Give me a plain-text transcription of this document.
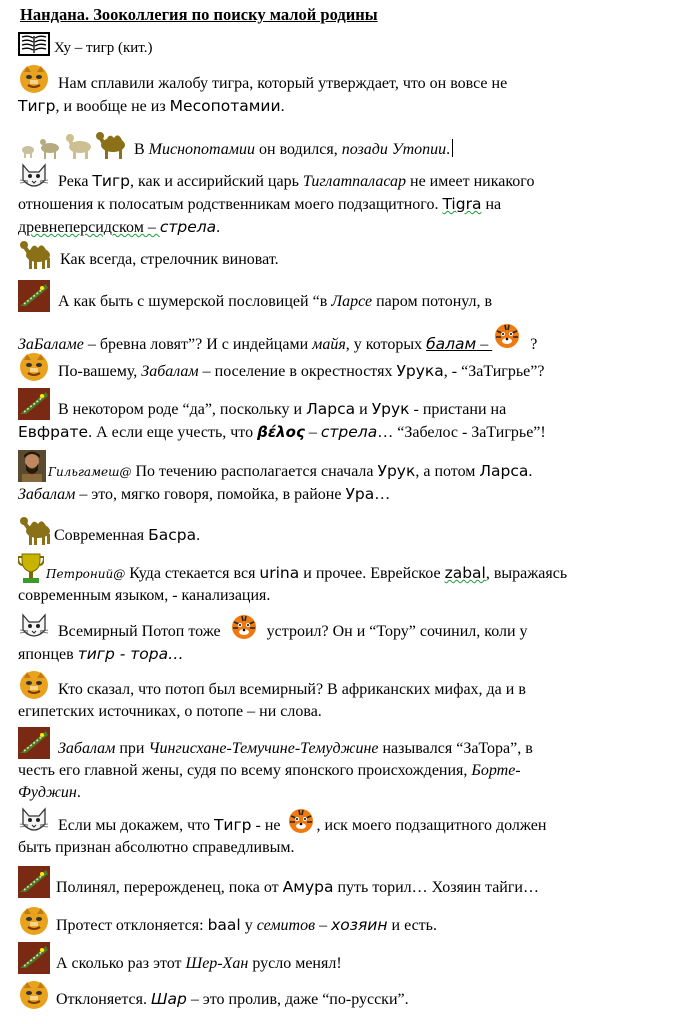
Нандана. Зооколлегия по поиску малой родины

Ху – тигр (кит.)

Нам сплавили жалобу тигра, который утверждает, что он вовсе не

Тигр, и вообще не из Месопотамии.

В Миснопотамии он водился, позади Утопии.

Река Тигр, как и ассирийский царь Тиглатпаласар не имеет никакого

отношения к полосатым родственникам моего подзащитного. Tigra на

древнеперсидском – стрела.

Как всегда, стрелочник виноват.

А как быть с шумерской пословицей “в Ларсе паром потонул, в

ЗаБаламе – бревна ловят”? И с индейцами майя, у которых балам –
?

По-вашему, Забалам – поселение в окрестностях Урука, - “ЗаТигрье”?

В некотором роде “да”, поскольку и Ларса и Урук - пристани на

Евфрате. А если еще учесть, что βέλος – стрела… “Забелос - ЗаТигрье”!

Гильгамеш@ По течению располагается сначала Урук, а потом Ларса.

Забалам – это, мягко говоря, помойка, в районе Ура…

Современная Басра.

Петроний@ Куда стекается вся urina и прочее. Еврейское zabal, выражаясь

современным языком, - канализация.

Всемирный Потоп тоже
устроил? Он и “Тору” сочинил, коли у

японцев тигр - тора…

Кто сказал, что потоп был всемирный? В африканских мифах, да и в

египетских источниках, о потопе – ни слова.

Забалам при Чингисхане-Темучине-Темуджине назывался “ЗаТора”, в

честь его главной жены, судя по всему японского происхождения, Борте-

Фуджин.

Если мы докажем, что Тигр - не
, иск моего подзащитного должен

быть признан абсолютно справедливым.

Полинял, перерожденец, пока от Амура путь торил… Хозяин тайги…

Протест отклоняется: baal у семитов – хозяин и есть.

А сколько раз этот Шер-Хан русло менял!

Отклоняется. Шар – это пролив, даже “по-русски”.
